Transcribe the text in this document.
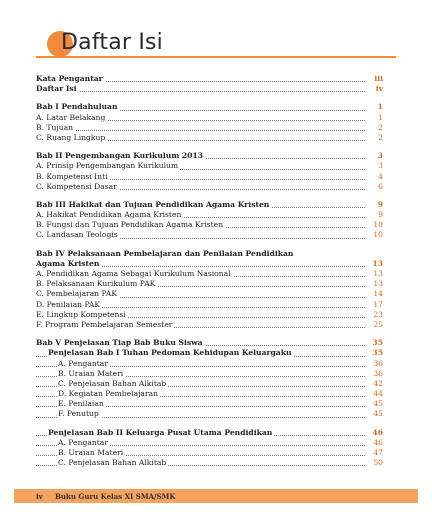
Daftar Isi
Kata Pengantar	iii
Daftar Isi	iv
Bab I Pendahuluan	1
A. Latar Belakang	1
B. Tujuan	2
C. Ruang Lingkup	2
Bab II Pengembangan Kurikulum 2013	3
A. Prinsip Pengembangan Kurikulum	3
B. Kompetensi Inti	4
C. Kompetensi Dasar	6
Bab III Hakikat dan Tujuan Pendidikan Agama Kristen	9
A. Hakikat Pendidikan Agama Kristen	9
B. Fungsi dan Tujuan Pendidikan Agama Kristen	10
C. Landasan Teologis	10
Bab IV Pelaksanaan Pembelajaran dan Penilaian Pendidikan
Agama Kristen	13
A. Pendidikan Agama Sebagai Kurikulum Nasional	13
B. Pelaksanaan Kurikulum PAK	13
C. Pembelajaran PAK	14
D. Penilaian PAK	17
E. Lingkup Kompetensi	23
F. Program Pembelajaran Semester	25
Bab V Penjelasan Tiap Bab Buku Siswa	35
Penjelasan Bab I Tuhan Pedoman Kehidupan Keluargaku	35
A. Pengantar	36
B. Uraian Materi	36
C. Penjelasan Bahan Alkitab	42
D. Kegiatan Pembelajaran	44
E. Penilaian	45
F. Penutup	45
Penjelasan Bab II Keluarga Pusat Utama Pendidikan	46
A. Pengantar	46
B. Uraian Materi	47
C. Penjelasan Bahan Alkitab	50
iv Buku Guru Kelas XI SMA/SMK
